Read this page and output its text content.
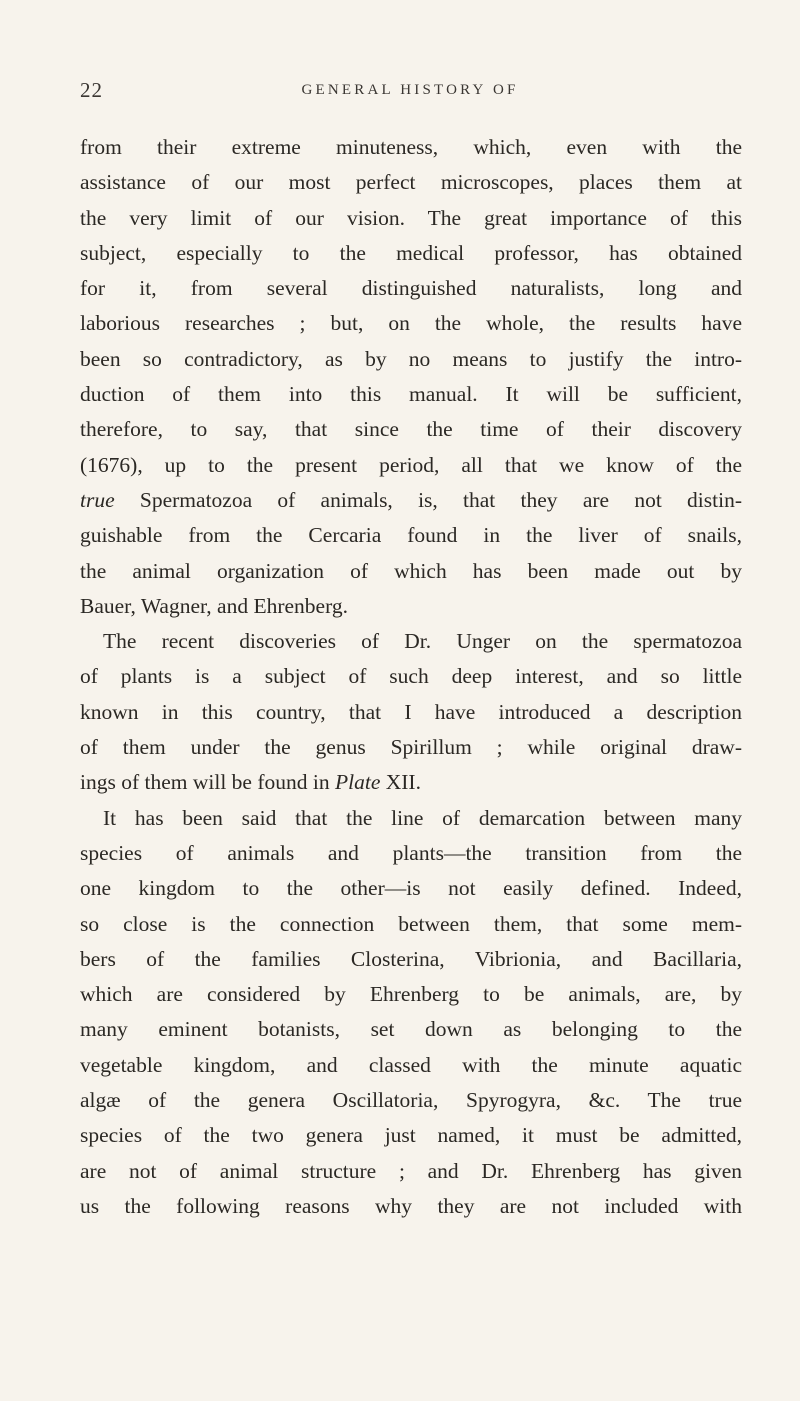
22	GENERAL HISTORY OF
from their extreme minuteness, which, even with the
assistance of our most perfect microscopes, places them at
the very limit of our vision. The great importance of this
subject, especially to the medical professor, has obtained
for it, from several distinguished naturalists, long and
laborious researches ; but, on the whole, the results have
been so contradictory, as by no means to justify the intro-
duction of them into this manual. It will be sufficient,
therefore, to say, that since the time of their discovery
(1676), up to the present period, all that we know of the
true Spermatozoa of animals, is, that they are not distin-
guishable from the Cercaria found in the liver of snails,
the animal organization of which has been made out by
Bauer, Wagner, and Ehrenberg.
The recent discoveries of Dr. Unger on the spermatozoa
of plants is a subject of such deep interest, and so little
known in this country, that I have introduced a description
of them under the genus Spirillum ; while original draw-
ings of them will be found in Plate XII.
It has been said that the line of demarcation between many
species of animals and plants—the transition from the
one kingdom to the other—is not easily defined. Indeed,
so close is the connection between them, that some mem-
bers of the families Closterina, Vibrionia, and Bacillaria,
which are considered by Ehrenberg to be animals, are, by
many eminent botanists, set down as belonging to the
vegetable kingdom, and classed with the minute aquatic
algæ of the genera Oscillatoria, Spyrogyra, &c. The true
species of the two genera just named, it must be admitted,
are not of animal structure ; and Dr. Ehrenberg has given
us the following reasons why they are not included with
